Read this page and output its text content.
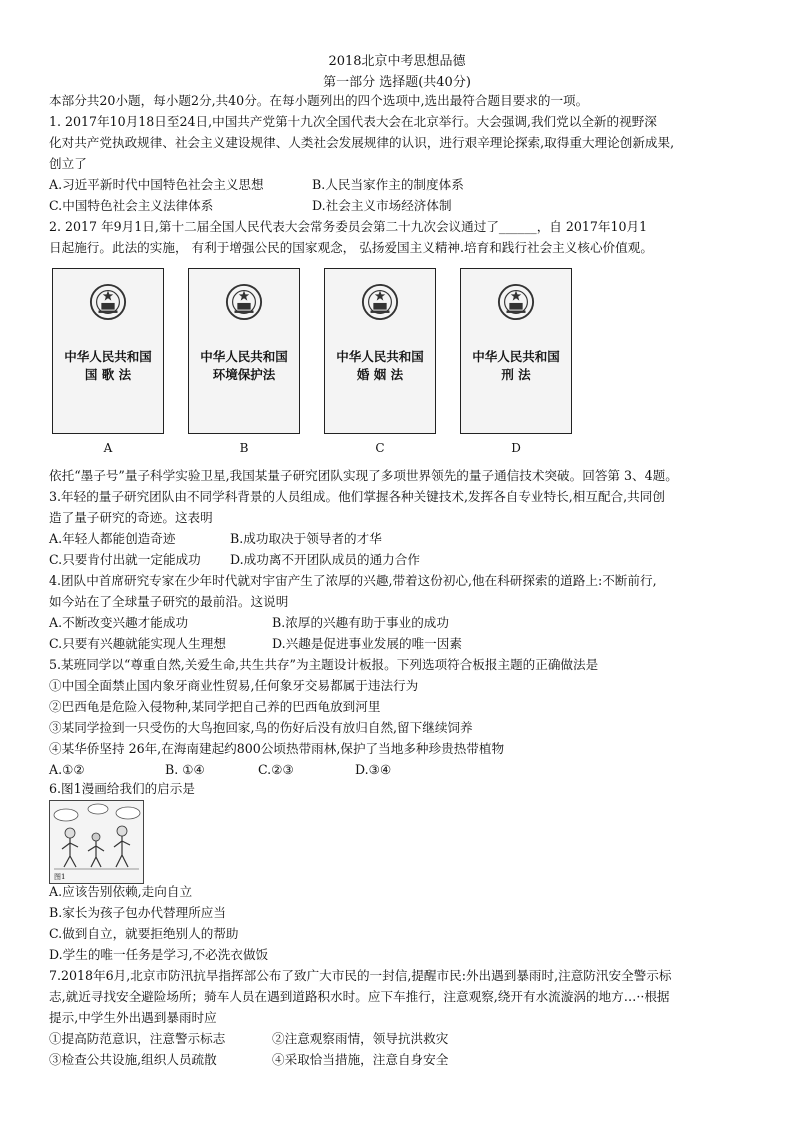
2018北京中考思想品德
第一部分 选择题(共40分)
本部分共20小题，每小题2分,共40分。在每小题列出的四个选项中,选出最符合题目要求的一项。
1. 2017年10月18日至24日,中国共产党第十九次全国代表大会在北京举行。大会强调,我们党以全新的视野深
化对共产党执政规律、社会主义建设规律、人类社会发展规律的认识，进行艰辛理论探索,取得重大理论创新成果,
创立了
A.习近平新时代中国特色社会主义思想	B.人民当家作主的制度体系
C.中国特色社会主义法律体系	D.社会主义市场经济体制
2. 2017 年9月1日,第十二届全国人民代表大会常务委员会第二十九次会议通过了______，自 2017年10月1
日起施行。此法的实施， 有利于增强公民的国家观念， 弘扬爱国主义精神.培育和践行社会主义核心价值观。
中华人民共和国
国 歌 法
中华人民共和国
环境保护法
中华人民共和国
婚 姻 法
中华人民共和国
刑 法
A	B	C	D
依托“墨子号”量子科学实验卫星,我国某量子研究团队实现了多项世界领先的量子通信技术突破。回答第 3、4题。
3.年轻的量子研究团队由不同学科背景的人员组成。他们掌握各种关键技术,发挥各自专业特长,相互配合,共同创
造了量子研究的奇迹。这表明
A.年轻人都能创造奇迹	B.成功取决于领导者的才华
C.只要肯付出就一定能成功 D.成功离不开团队成员的通力合作
4.团队中首席研究专家在少年时代就对宇宙产生了浓厚的兴趣,带着这份初心,他在科研探索的道路上:不断前行,
如今站在了全球量子研究的最前沿。这说明
A.不断改变兴趣才能成功	B.浓厚的兴趣有助于事业的成功
C.只要有兴趣就能实现人生理想	D.兴趣是促进事业发展的唯一因素
5.某班同学以“尊重自然,关爱生命,共生共存”为主题设计板报。下列选项符合板报主题的正确做法是
①中国全面禁止国内象牙商业性贸易,任何象牙交易都属于违法行为
②巴西龟是危险入侵物种,某同学把自己养的巴西龟放到河里
③某同学捡到一只受伤的大鸟抱回家,鸟的伤好后没有放归自然,留下继续饲养
④某华侨坚持 26年,在海南建起约800公顷热带雨林,保护了当地多种珍贵热带植物
A.①②	B. ①④	C.②③	D.③④
6.图1漫画给我们的启示是
图1
A.应该告别依赖,走向自立
B.家长为孩子包办代替理所应当
C.做到自立，就要拒绝别人的帮助
D.学生的唯一任务是学习,不必洗衣做饭
7.2018年6月,北京市防汛抗旱指挥部公布了致广大市民的一封信,提醒市民:外出遇到暴雨时,注意防汛安全警示标
志,就近寻找安全避险场所；骑车人员在遇到道路积水时。应下车推行，注意观察,绕开有水流漩涡的地方…··根据
提示,中学生外出遇到暴雨时应
①提高防范意识，注意警示标志	②注意观察雨情，领导抗洪救灾
③检查公共设施,组织人员疏散	④采取恰当措施，注意自身安全
